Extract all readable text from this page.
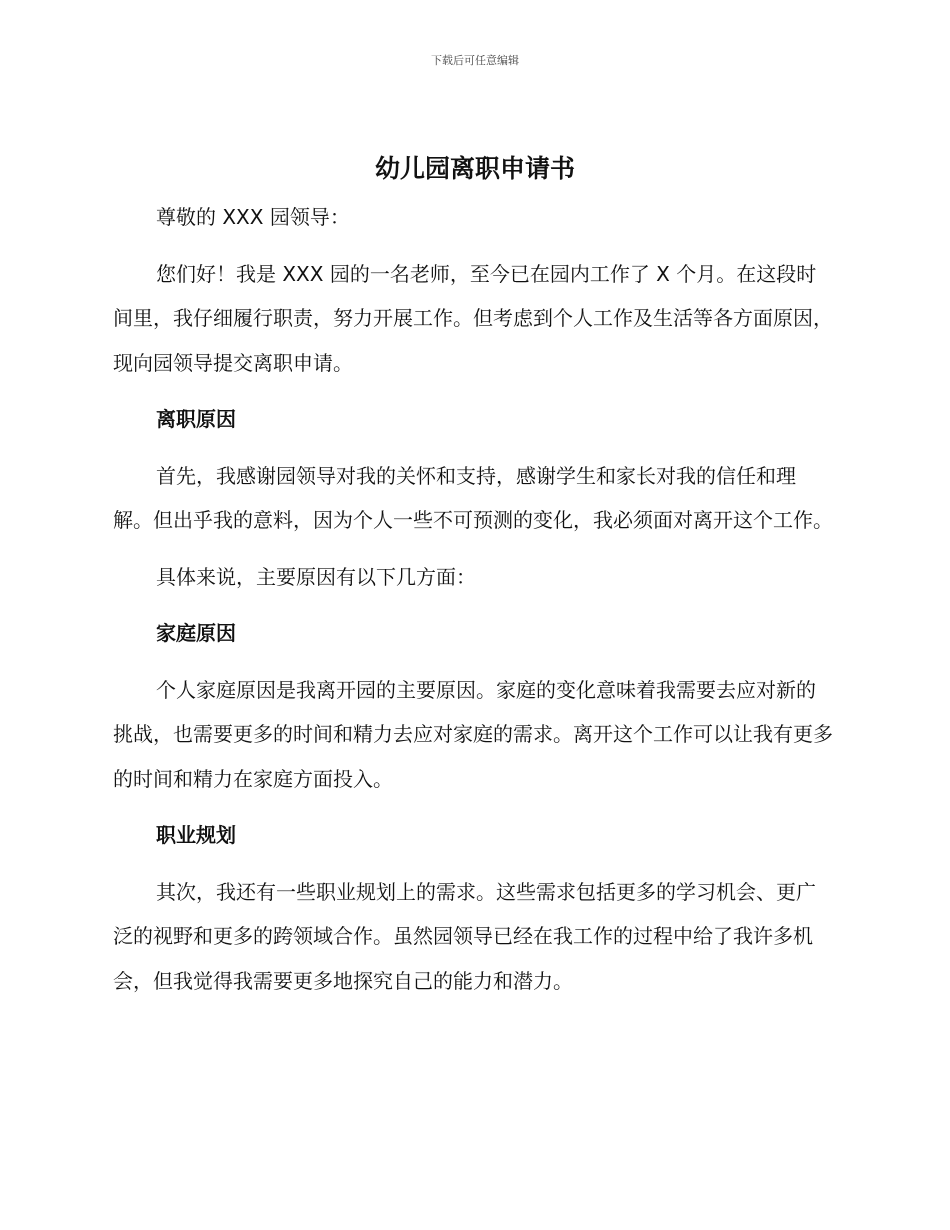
下载后可任意编辑
幼儿园离职申请书

尊敬的 XXX 园领导：

您们好！我是 XXX 园的一名老师，至今已在园内工作了 X 个月。在这段时间里，我仔细履行职责，努力开展工作。但考虑到个人工作及生活等各方面原因，现向园领导提交离职申请。

离职原因

首先，我感谢园领导对我的关怀和支持，感谢学生和家长对我的信任和理解。但出乎我的意料，因为个人一些不可预测的变化，我必须面对离开这个工作。

具体来说，主要原因有以下几方面：

家庭原因

个人家庭原因是我离开园的主要原因。家庭的变化意味着我需要去应对新的挑战，也需要更多的时间和精力去应对家庭的需求。离开这个工作可以让我有更多的时间和精力在家庭方面投入。

职业规划

其次，我还有一些职业规划上的需求。这些需求包括更多的学习机会、更广泛的视野和更多的跨领域合作。虽然园领导已经在我工作的过程中给了我许多机会，但我觉得我需要更多地探究自己的能力和潜力。
